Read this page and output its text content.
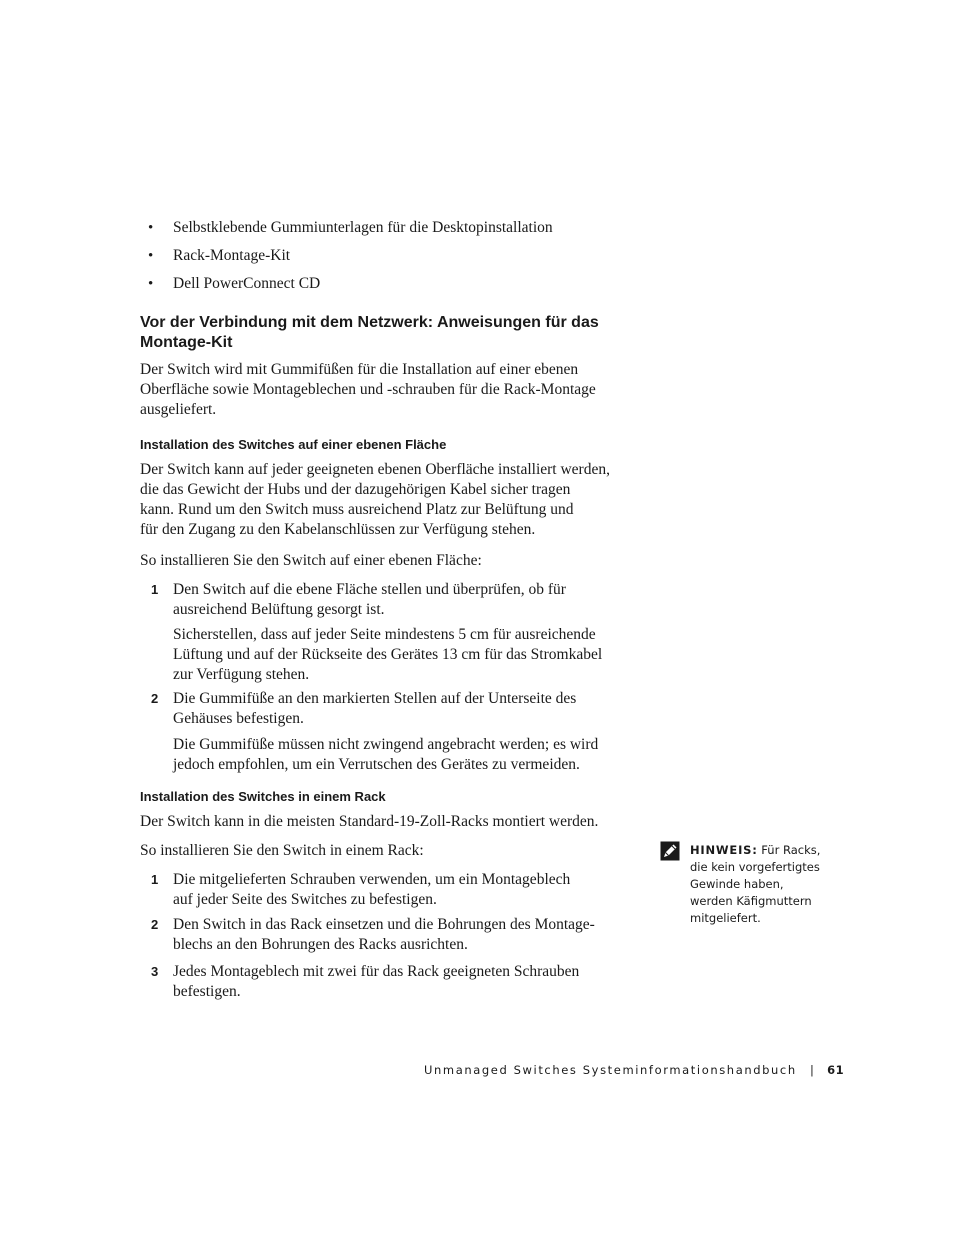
• Selbstklebende Gummiunterlagen für die Desktopinstallation
• Rack-Montage-Kit
• Dell PowerConnect CD
Vor der Verbindung mit dem Netzwerk: Anweisungen für das
Montage-Kit
Der Switch wird mit Gummifüßen für die Installation auf einer ebenen
Oberfläche sowie Montageblechen und -schrauben für die Rack-Montage
ausgeliefert.
Installation des Switches auf einer ebenen Fläche
Der Switch kann auf jeder geeigneten ebenen Oberfläche installiert werden,
die das Gewicht der Hubs und der dazugehörigen Kabel sicher tragen
kann. Rund um den Switch muss ausreichend Platz zur Belüftung und
für den Zugang zu den Kabelanschlüssen zur Verfügung stehen.
So installieren Sie den Switch auf einer ebenen Fläche:
1 Den Switch auf die ebene Fläche stellen und überprüfen, ob für
ausreichend Belüftung gesorgt ist.
Sicherstellen, dass auf jeder Seite mindestens 5 cm für ausreichende
Lüftung und auf der Rückseite des Gerätes 13 cm für das Stromkabel
zur Verfügung stehen.
2 Die Gummifüße an den markierten Stellen auf der Unterseite des
Gehäuses befestigen.
Die Gummifüße müssen nicht zwingend angebracht werden; es wird
jedoch empfohlen, um ein Verrutschen des Gerätes zu vermeiden.
Installation des Switches in einem Rack
Der Switch kann in die meisten Standard-19-Zoll-Racks montiert werden.
So installieren Sie den Switch in einem Rack:
1 Die mitgelieferten Schrauben verwenden, um ein Montageblech
auf jeder Seite des Switches zu befestigen.
2 Den Switch in das Rack einsetzen und die Bohrungen des Montage-
blechs an den Bohrungen des Racks ausrichten.
3 Jedes Montageblech mit zwei für das Rack geeigneten Schrauben
befestigen.
HINWEIS: Für Racks,
die kein vorgefertigtes
Gewinde haben,
werden Käfigmuttern
mitgeliefert.
Unmanaged Switches Systeminformationshandbuch | 61
